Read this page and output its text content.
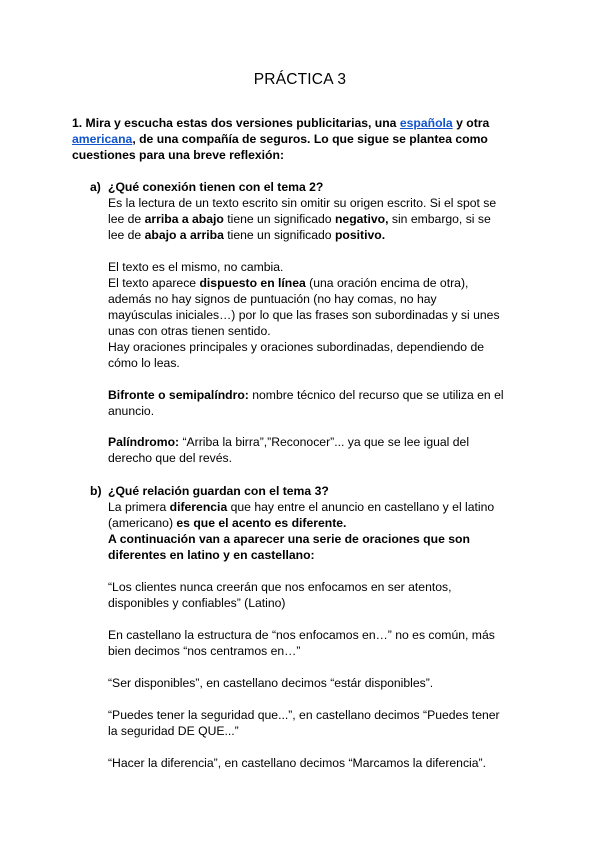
PRÁCTICA 3
1. Mira y escucha estas dos versiones publicitarias, una española y otra americana, de una compañía de seguros. Lo que sigue se plantea como cuestiones para una breve reflexión:
a) ¿Qué conexión tienen con el tema 2?
Es la lectura de un texto escrito sin omitir su origen escrito. Si el spot se lee de arriba a abajo tiene un significado negativo, sin embargo, si se lee de abajo a arriba tiene un significado positivo.

El texto es el mismo, no cambia.

El texto aparece dispuesto en línea (una oración encima de otra), además no hay signos de puntuación (no hay comas, no hay mayúsculas iniciales…) por lo que las frases son subordinadas y si unes unas con otras tienen sentido.

Hay oraciones principales y oraciones subordinadas, dependiendo de cómo lo leas.

Bifronte o semipalíndro: nombre técnico del recurso que se utiliza en el anuncio.
Palíndromo: “Arriba la birra”,”Reconocer”... ya que se lee igual del derecho que del revés.
b) ¿Qué relación guardan con el tema 3?

La primera diferencia que hay entre el anuncio en castellano y el latino (americano) es que el acento es diferente.

A continuación van a aparecer una serie de oraciones que son diferentes en latino y en castellano:

“Los clientes nunca creerán que nos enfocamos en ser atentos, disponibles y confiables” (Latino)
En castellano la estructura de “nos enfocamos en…” no es común, más bien decimos “nos centramos en…”
“Ser disponibles”, en castellano decimos “estár disponibles”.
“Puedes tener la seguridad que...”, en castellano decimos “Puedes tener la seguridad DE QUE...”
“Hacer la diferencia”, en castellano decimos “Marcamos la diferencia”.
